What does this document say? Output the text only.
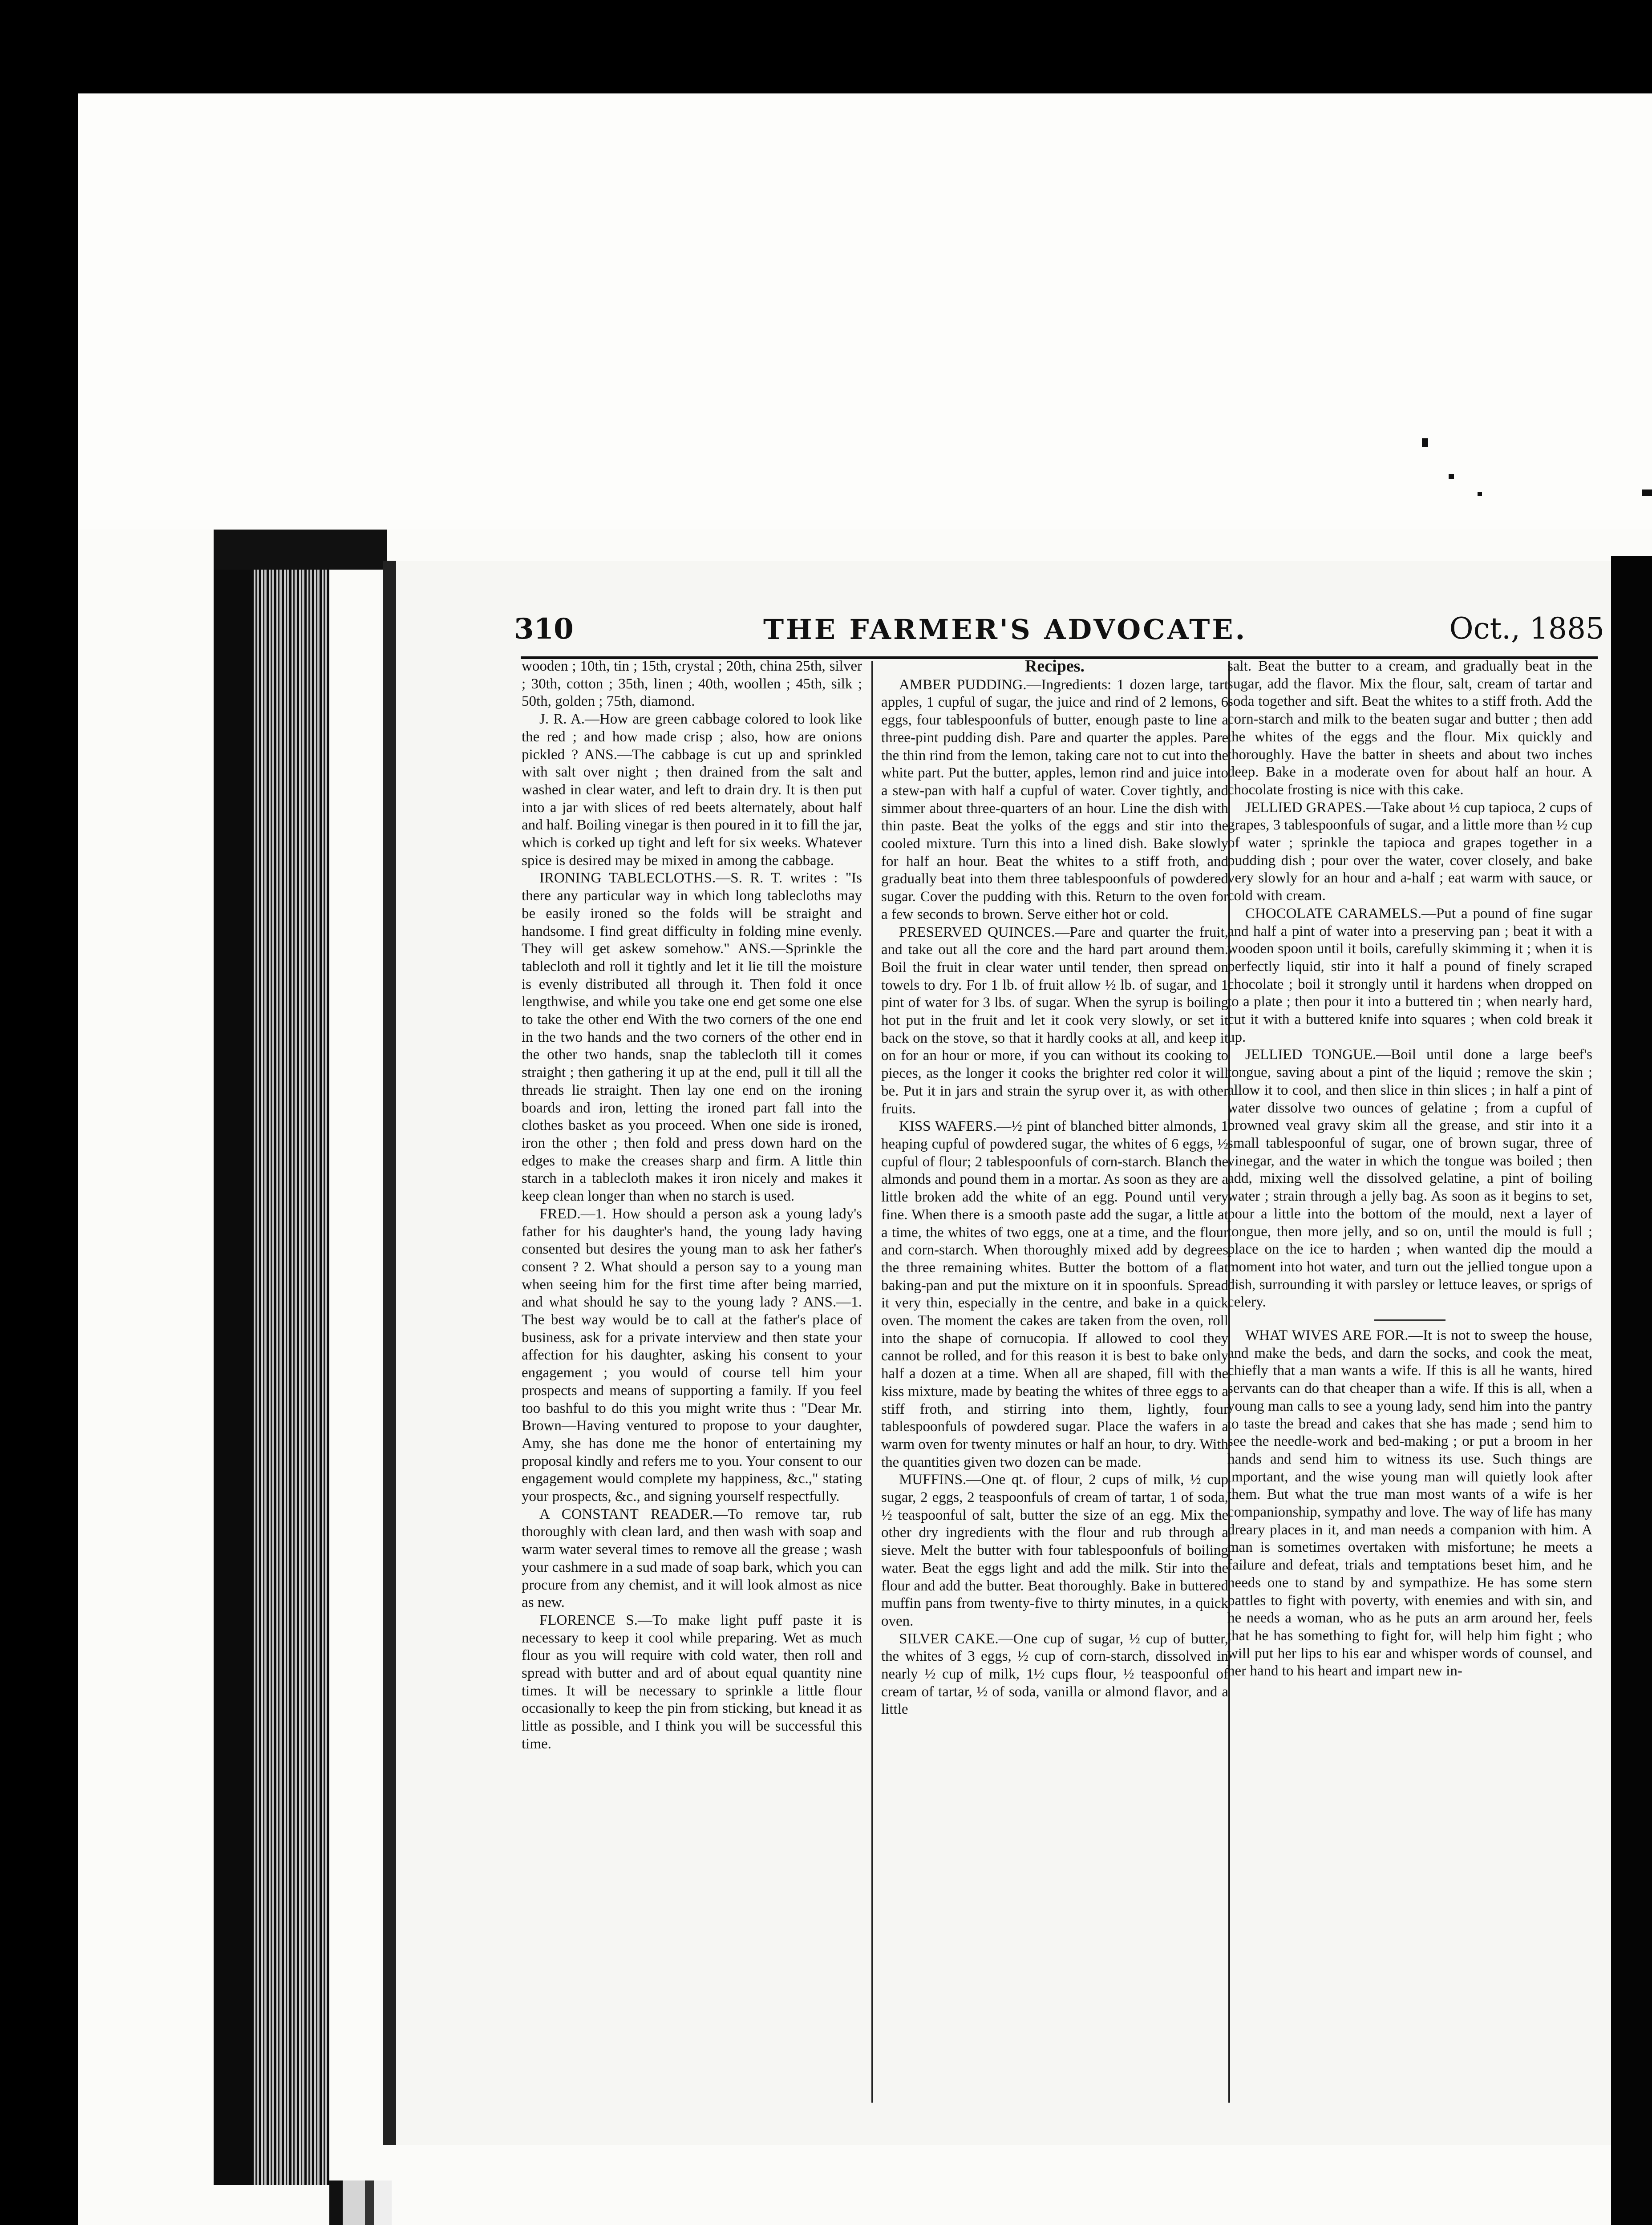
310	THE FARMER'S ADVOCATE.	Oct., 1885

wooden ; 10th, tin ; 15th, crystal ; 20th, china 25th, silver ; 30th, cotton ; 35th, linen ; 40th, woollen ; 45th, silk ; 50th, golden ; 75th, diamond.

J. R. A.—How are green cabbage colored to look like the red ; and how made crisp ; also, how are onions pickled ? ANS.—The cabbage is cut up and sprinkled with salt over night ; then drained from the salt and washed in clear water, and left to drain dry. It is then put into a jar with slices of red beets alternately, about half and half. Boiling vinegar is then poured in it to fill the jar, which is corked up tight and left for six weeks. Whatever spice is desired may be mixed in among the cabbage.

IRONING TABLECLOTHS.—S. R. T. writes : "Is there any particular way in which long tablecloths may be easily ironed so the folds will be straight and handsome. I find great difficulty in folding mine evenly. They will get askew somehow." ANS.—Sprinkle the tablecloth and roll it tightly and let it lie till the moisture is evenly distributed all through it. Then fold it once lengthwise, and while you take one end get some one else to take the other end With the two corners of the one end in the two hands and the two corners of the other end in the other two hands, snap the tablecloth till it comes straight ; then gathering it up at the end, pull it till all the threads lie straight. Then lay one end on the ironing boards and iron, letting the ironed part fall into the clothes basket as you proceed. When one side is ironed, iron the other ; then fold and press down hard on the edges to make the creases sharp and firm. A little thin starch in a tablecloth makes it iron nicely and makes it keep clean longer than when no starch is used.

FRED.—1. How should a person ask a young lady's father for his daughter's hand, the young lady having consented but desires the young man to ask her father's consent ? 2. What should a person say to a young man when seeing him for the first time after being married, and what should he say to the young lady ? ANS.—1. The best way would be to call at the father's place of business, ask for a private interview and then state your affection for his daughter, asking his consent to your engagement ; you would of course tell him your prospects and means of supporting a family. If you feel too bashful to do this you might write thus : "Dear Mr. Brown—Having ventured to propose to your daughter, Amy, she has done me the honor of entertaining my proposal kindly and refers me to you. Your consent to our engagement would complete my happiness, &c.," stating your prospects, &c., and signing yourself respectfully.

A CONSTANT READER.—To remove tar, rub thoroughly with clean lard, and then wash with soap and warm water several times to remove all the grease ; wash your cashmere in a sud made of soap bark, which you can procure from any chemist, and it will look almost as nice as new.

FLORENCE S.—To make light puff paste it is necessary to keep it cool while preparing. Wet as much flour as you will require with cold water, then roll and spread with butter and ard of about equal quantity nine times. It will be necessary to sprinkle a little flour occasionally to keep the pin from sticking, but knead it as little as possible, and I think you will be successful this time.

Recipes.

AMBER PUDDING.—Ingredients: 1 dozen large, tart apples, 1 cupful of sugar, the juice and rind of 2 lemons, 6 eggs, four tablespoonfuls of butter, enough paste to line a three-pint pudding dish. Pare and quarter the apples. Pare the thin rind from the lemon, taking care not to cut into the white part. Put the butter, apples, lemon rind and juice into a stew-pan with half a cupful of water. Cover tightly, and simmer about three-quarters of an hour. Line the dish with thin paste. Beat the yolks of the eggs and stir into the cooled mixture. Turn this into a lined dish. Bake slowly for half an hour. Beat the whites to a stiff froth, and gradually beat into them three tablespoonfuls of powdered sugar. Cover the pudding with this. Return to the oven for a few seconds to brown. Serve either hot or cold.

PRESERVED QUINCES.—Pare and quarter the fruit, and take out all the core and the hard part around them. Boil the fruit in clear water until tender, then spread on towels to dry. For 1 lb. of fruit allow ½ lb. of sugar, and 1 pint of water for 3 lbs. of sugar. When the syrup is boiling hot put in the fruit and let it cook very slowly, or set it back on the stove, so that it hardly cooks at all, and keep it on for an hour or more, if you can without its cooking to pieces, as the longer it cooks the brighter red color it will be. Put it in jars and strain the syrup over it, as with other fruits.

KISS WAFERS.—½ pint of blanched bitter almonds, 1 heaping cupful of powdered sugar, the whites of 6 eggs, ½ cupful of flour; 2 tablespoonfuls of corn-starch. Blanch the almonds and pound them in a mortar. As soon as they are a little broken add the white of an egg. Pound until very fine. When there is a smooth paste add the sugar, a little at a time, the whites of two eggs, one at a time, and the flour and corn-starch. When thoroughly mixed add by degrees the three remaining whites. Butter the bottom of a flat baking-pan and put the mixture on it in spoonfuls. Spread it very thin, especially in the centre, and bake in a quick oven. The moment the cakes are taken from the oven, roll into the shape of cornucopia. If allowed to cool they cannot be rolled, and for this reason it is best to bake only half a dozen at a time. When all are shaped, fill with the kiss mixture, made by beating the whites of three eggs to a stiff froth, and stirring into them, lightly, four tablespoonfuls of powdered sugar. Place the wafers in a warm oven for twenty minutes or half an hour, to dry. With the quantities given two dozen can be made.

MUFFINS.—One qt. of flour, 2 cups of milk, ½ cup sugar, 2 eggs, 2 teaspoonfuls of cream of tartar, 1 of soda, ½ teaspoonful of salt, butter the size of an egg. Mix the other dry ingredients with the flour and rub through a sieve. Melt the butter with four tablespoonfuls of boiling water. Beat the eggs light and add the milk. Stir into the flour and add the butter. Beat thoroughly. Bake in buttered muffin pans from twenty-five to thirty minutes, in a quick oven.

SILVER CAKE.—One cup of sugar, ½ cup of butter, the whites of 3 eggs, ½ cup of corn-starch, dissolved in nearly ½ cup of milk, 1½ cups flour, ½ teaspoonful of cream of tartar, ½ of soda, vanilla or almond flavor, and a little

salt. Beat the butter to a cream, and gradually beat in the sugar, add the flavor. Mix the flour, salt, cream of tartar and soda together and sift. Beat the whites to a stiff froth. Add the corn-starch and milk to the beaten sugar and butter ; then add the whites of the eggs and the flour. Mix quickly and thoroughly. Have the batter in sheets and about two inches deep. Bake in a moderate oven for about half an hour. A chocolate frosting is nice with this cake.

JELLIED GRAPES.—Take about ½ cup tapioca, 2 cups of grapes, 3 tablespoonfuls of sugar, and a little more than ½ cup of water ; sprinkle the tapioca and grapes together in a pudding dish ; pour over the water, cover closely, and bake very slowly for an hour and a-half ; eat warm with sauce, or cold with cream.

CHOCOLATE CARAMELS.—Put a pound of fine sugar and half a pint of water into a preserving pan ; beat it with a wooden spoon until it boils, carefully skimming it ; when it is perfectly liquid, stir into it half a pound of finely scraped chocolate ; boil it strongly until it hardens when dropped on to a plate ; then pour it into a buttered tin ; when nearly hard, cut it with a buttered knife into squares ; when cold break it up.

JELLIED TONGUE.—Boil until done a large beef's tongue, saving about a pint of the liquid ; remove the skin ; allow it to cool, and then slice in thin slices ; in half a pint of water dissolve two ounces of gelatine ; from a cupful of browned veal gravy skim all the grease, and stir into it a small tablespoonful of sugar, one of brown sugar, three of vinegar, and the water in which the tongue was boiled ; then add, mixing well the dissolved gelatine, a pint of boiling water ; strain through a jelly bag. As soon as it begins to set, pour a little into the bottom of the mould, next a layer of tongue, then more jelly, and so on, until the mould is full ; place on the ice to harden ; when wanted dip the mould a moment into hot water, and turn out the jellied tongue upon a dish, surrounding it with parsley or lettuce leaves, or sprigs of celery.

WHAT WIVES ARE FOR.—It is not to sweep the house, and make the beds, and darn the socks, and cook the meat, chiefly that a man wants a wife. If this is all he wants, hired servants can do that cheaper than a wife. If this is all, when a young man calls to see a young lady, send him into the pantry to taste the bread and cakes that she has made ; send him to see the needle-work and bed-making ; or put a broom in her hands and send him to witness its use. Such things are important, and the wise young man will quietly look after them. But what the true man most wants of a wife is her companionship, sympathy and love. The way of life has many dreary places in it, and man needs a companion with him. A man is sometimes overtaken with misfortune; he meets a failure and defeat, trials and temptations beset him, and he needs one to stand by and sympathize. He has some stern battles to fight with poverty, with enemies and with sin, and he needs a woman, who as he puts an arm around her, feels that he has something to fight for, will help him fight ; who will put her lips to his ear and whisper words of counsel, and her hand to his heart and impart new in-
